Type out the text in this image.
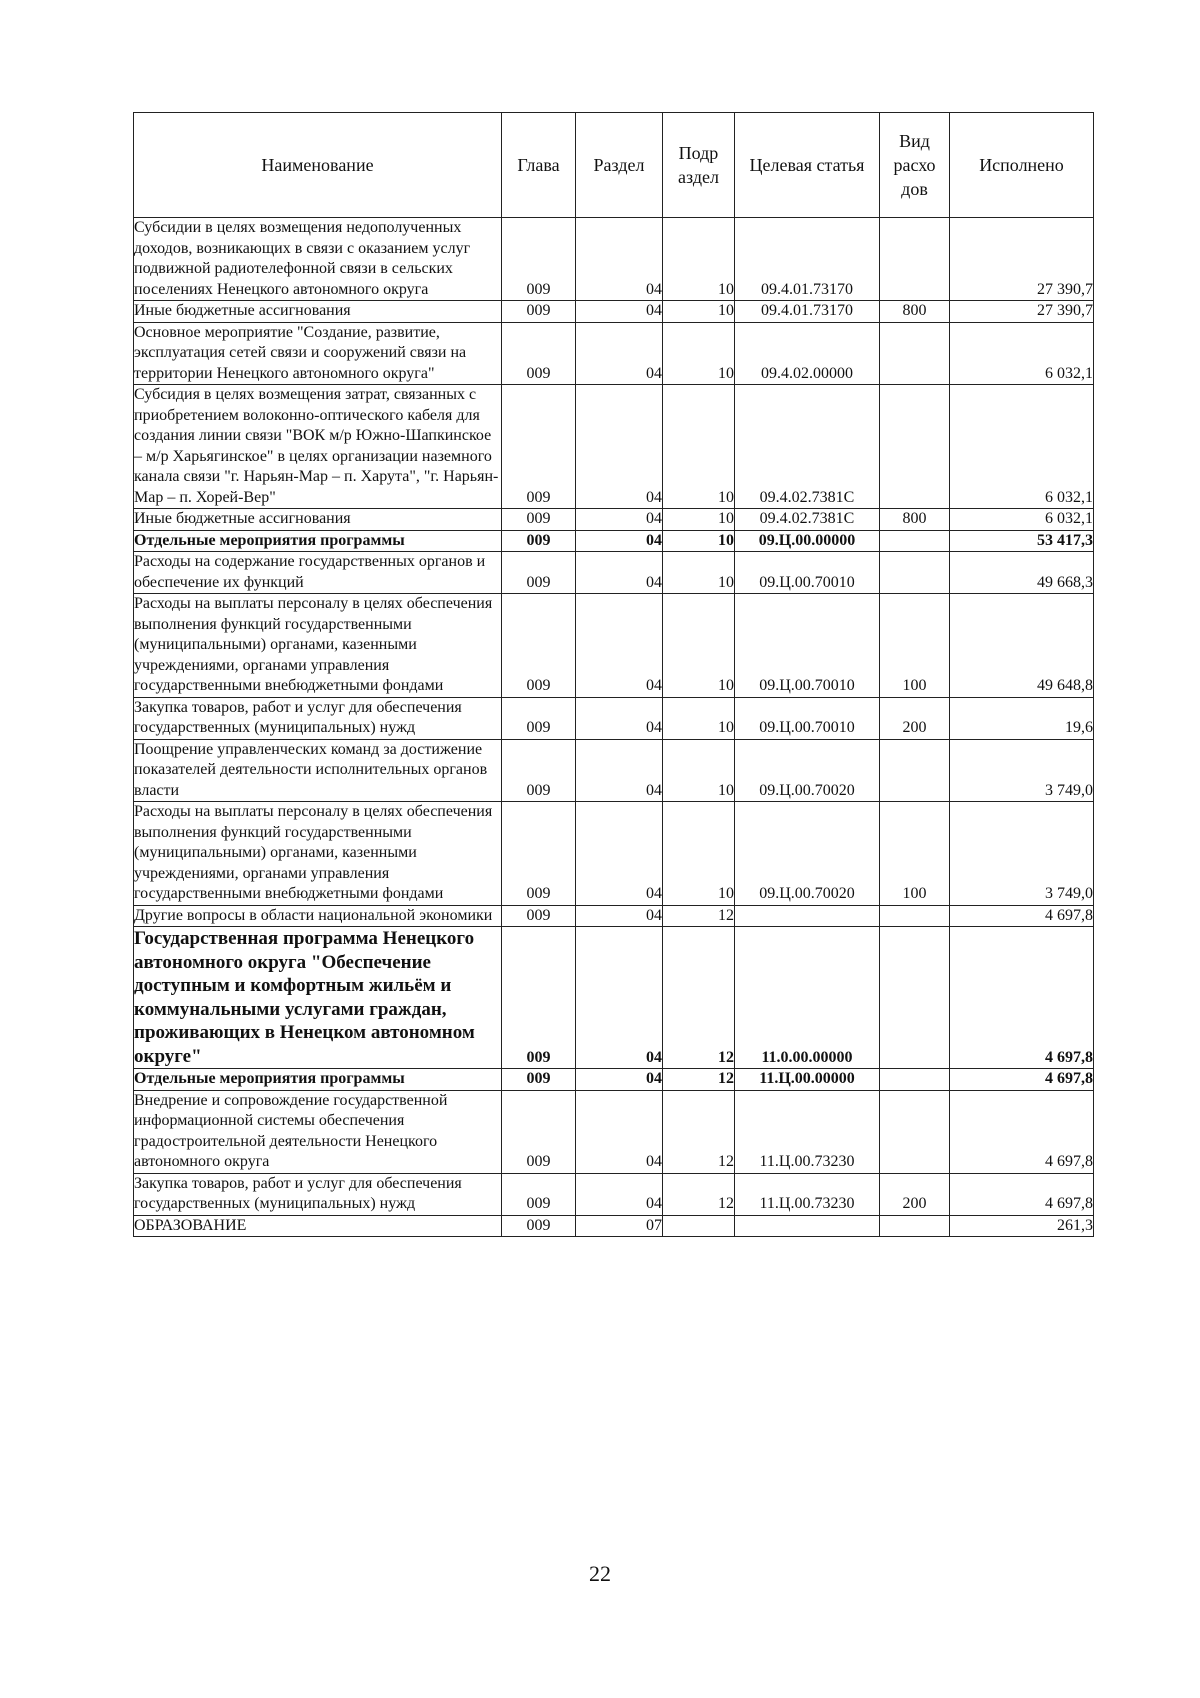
Наименование	Глава	Раздел	Подр аздел	Целевая статья	Вид расхо дов	Исполнено
Субсидии в целях возмещения недополученных доходов, возникающих в связи с оказанием услуг подвижной радиотелефонной связи в сельских поселениях Ненецкого автономного округа	009	04	10	09.4.01.73170		27 390,7
Иные бюджетные ассигнования	009	04	10	09.4.01.73170	800	27 390,7
Основное мероприятие "Создание, развитие, эксплуатация сетей связи и сооружений связи на территории Ненецкого автономного округа"	009	04	10	09.4.02.00000		6 032,1
Субсидия в целях возмещения затрат, связанных с приобретением волоконно-оптического кабеля для создания линии связи "ВОК м/р Южно-Шапкинское – м/р Харьягинское" в целях организации наземного канала связи "г. Нарьян-Мар – п. Харута", "г. Нарьян-Мар – п. Хорей-Вер"	009	04	10	09.4.02.7381С		6 032,1
Иные бюджетные ассигнования	009	04	10	09.4.02.7381С	800	6 032,1
Отдельные мероприятия программы	009	04	10	09.Ц.00.00000		53 417,3
Расходы на содержание государственных органов и обеспечение их функций	009	04	10	09.Ц.00.70010		49 668,3
Расходы на выплаты персоналу в целях обеспечения выполнения функций государственными (муниципальными) органами, казенными учреждениями, органами управления государственными внебюджетными фондами	009	04	10	09.Ц.00.70010	100	49 648,8
Закупка товаров, работ и услуг для обеспечения государственных (муниципальных) нужд	009	04	10	09.Ц.00.70010	200	19,6
Поощрение управленческих команд за достижение показателей деятельности исполнительных органов власти	009	04	10	09.Ц.00.70020		3 749,0
Расходы на выплаты персоналу в целях обеспечения выполнения функций государственными (муниципальными) органами, казенными учреждениями, органами управления государственными внебюджетными фондами	009	04	10	09.Ц.00.70020	100	3 749,0
Другие вопросы в области национальной экономики	009	04	12			4 697,8
Государственная программа Ненецкого автономного округа "Обеспечение доступным и комфортным жильём и коммунальными услугами граждан, проживающих в Ненецком автономном округе"	009	04	12	11.0.00.00000		4 697,8
Отдельные мероприятия программы	009	04	12	11.Ц.00.00000		4 697,8
Внедрение и сопровождение государственной информационной системы обеспечения градостроительной деятельности Ненецкого автономного округа	009	04	12	11.Ц.00.73230		4 697,8
Закупка товаров, работ и услуг для обеспечения государственных (муниципальных) нужд	009	04	12	11.Ц.00.73230	200	4 697,8
ОБРАЗОВАНИЕ	009	07				261,3
22
